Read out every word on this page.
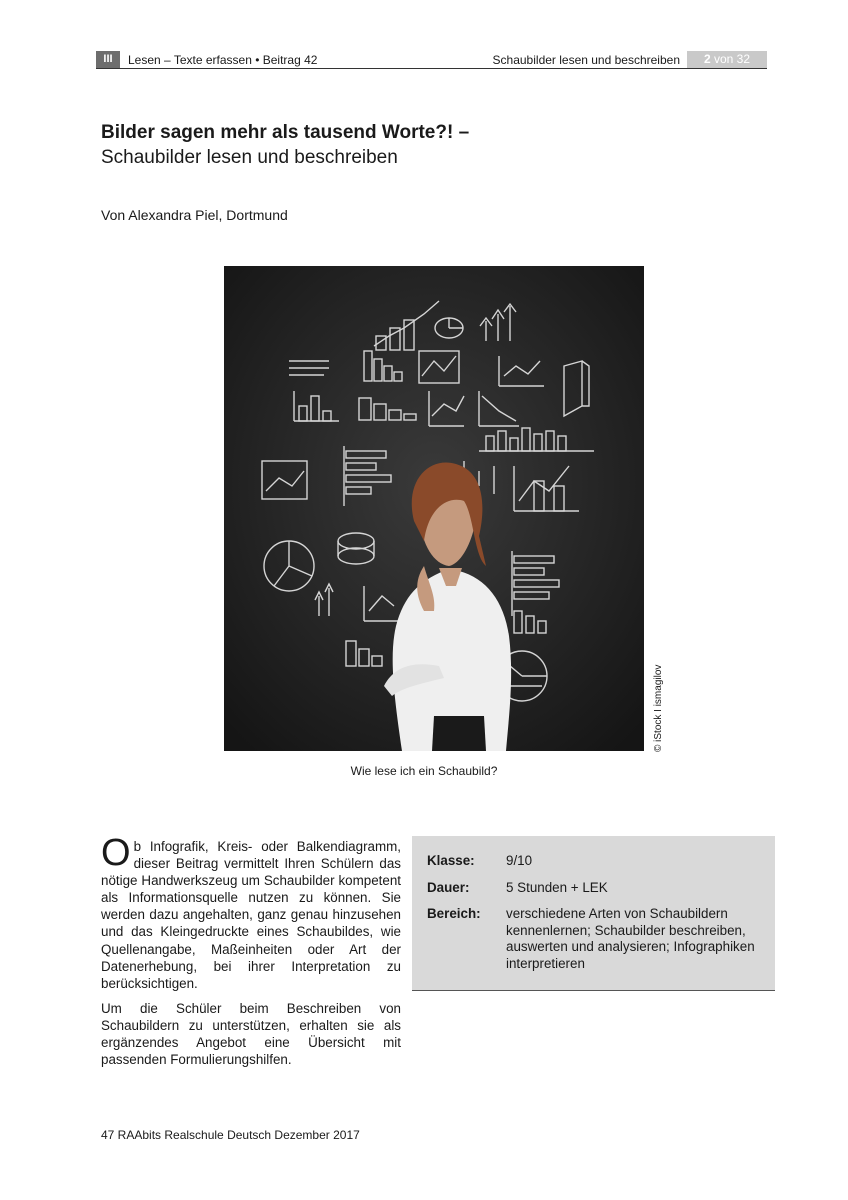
III	Lesen – Texte erfassen • Beitrag 42	Schaubilder lesen und beschreiben	2 von 32
Bilder sagen mehr als tausend Worte?! –
Schaubilder lesen und beschreiben
Von Alexandra Piel, Dortmund
© iStock I ismagilov
Wie lese ich ein Schaubild?

Ob Infografik, Kreis- oder Balkendiagramm, dieser Beitrag vermittelt Ihren Schülern das nötige Handwerkszeug um Schaubilder kompetent als Informationsquelle nutzen zu können. Sie werden dazu angehalten, ganz genau hinzusehen und das Kleingedruckte eines Schaubildes, wie Quellenangabe, Maßeinheiten oder Art der Datenerhebung, bei ihrer Interpretation zu berücksichtigen.

Um die Schüler beim Beschreiben von Schaubildern zu unterstützen, erhalten sie als ergänzendes Angebot eine Übersicht mit passenden Formulierungshilfen.

Klasse:	9/10
Dauer:	5 Stunden + LEK
Bereich:	verschiedene Arten von Schaubildern kennenlernen; Schaubilder beschreiben, auswerten und analysieren; Infographiken interpretieren
47 RAAbits Realschule Deutsch Dezember 2017
